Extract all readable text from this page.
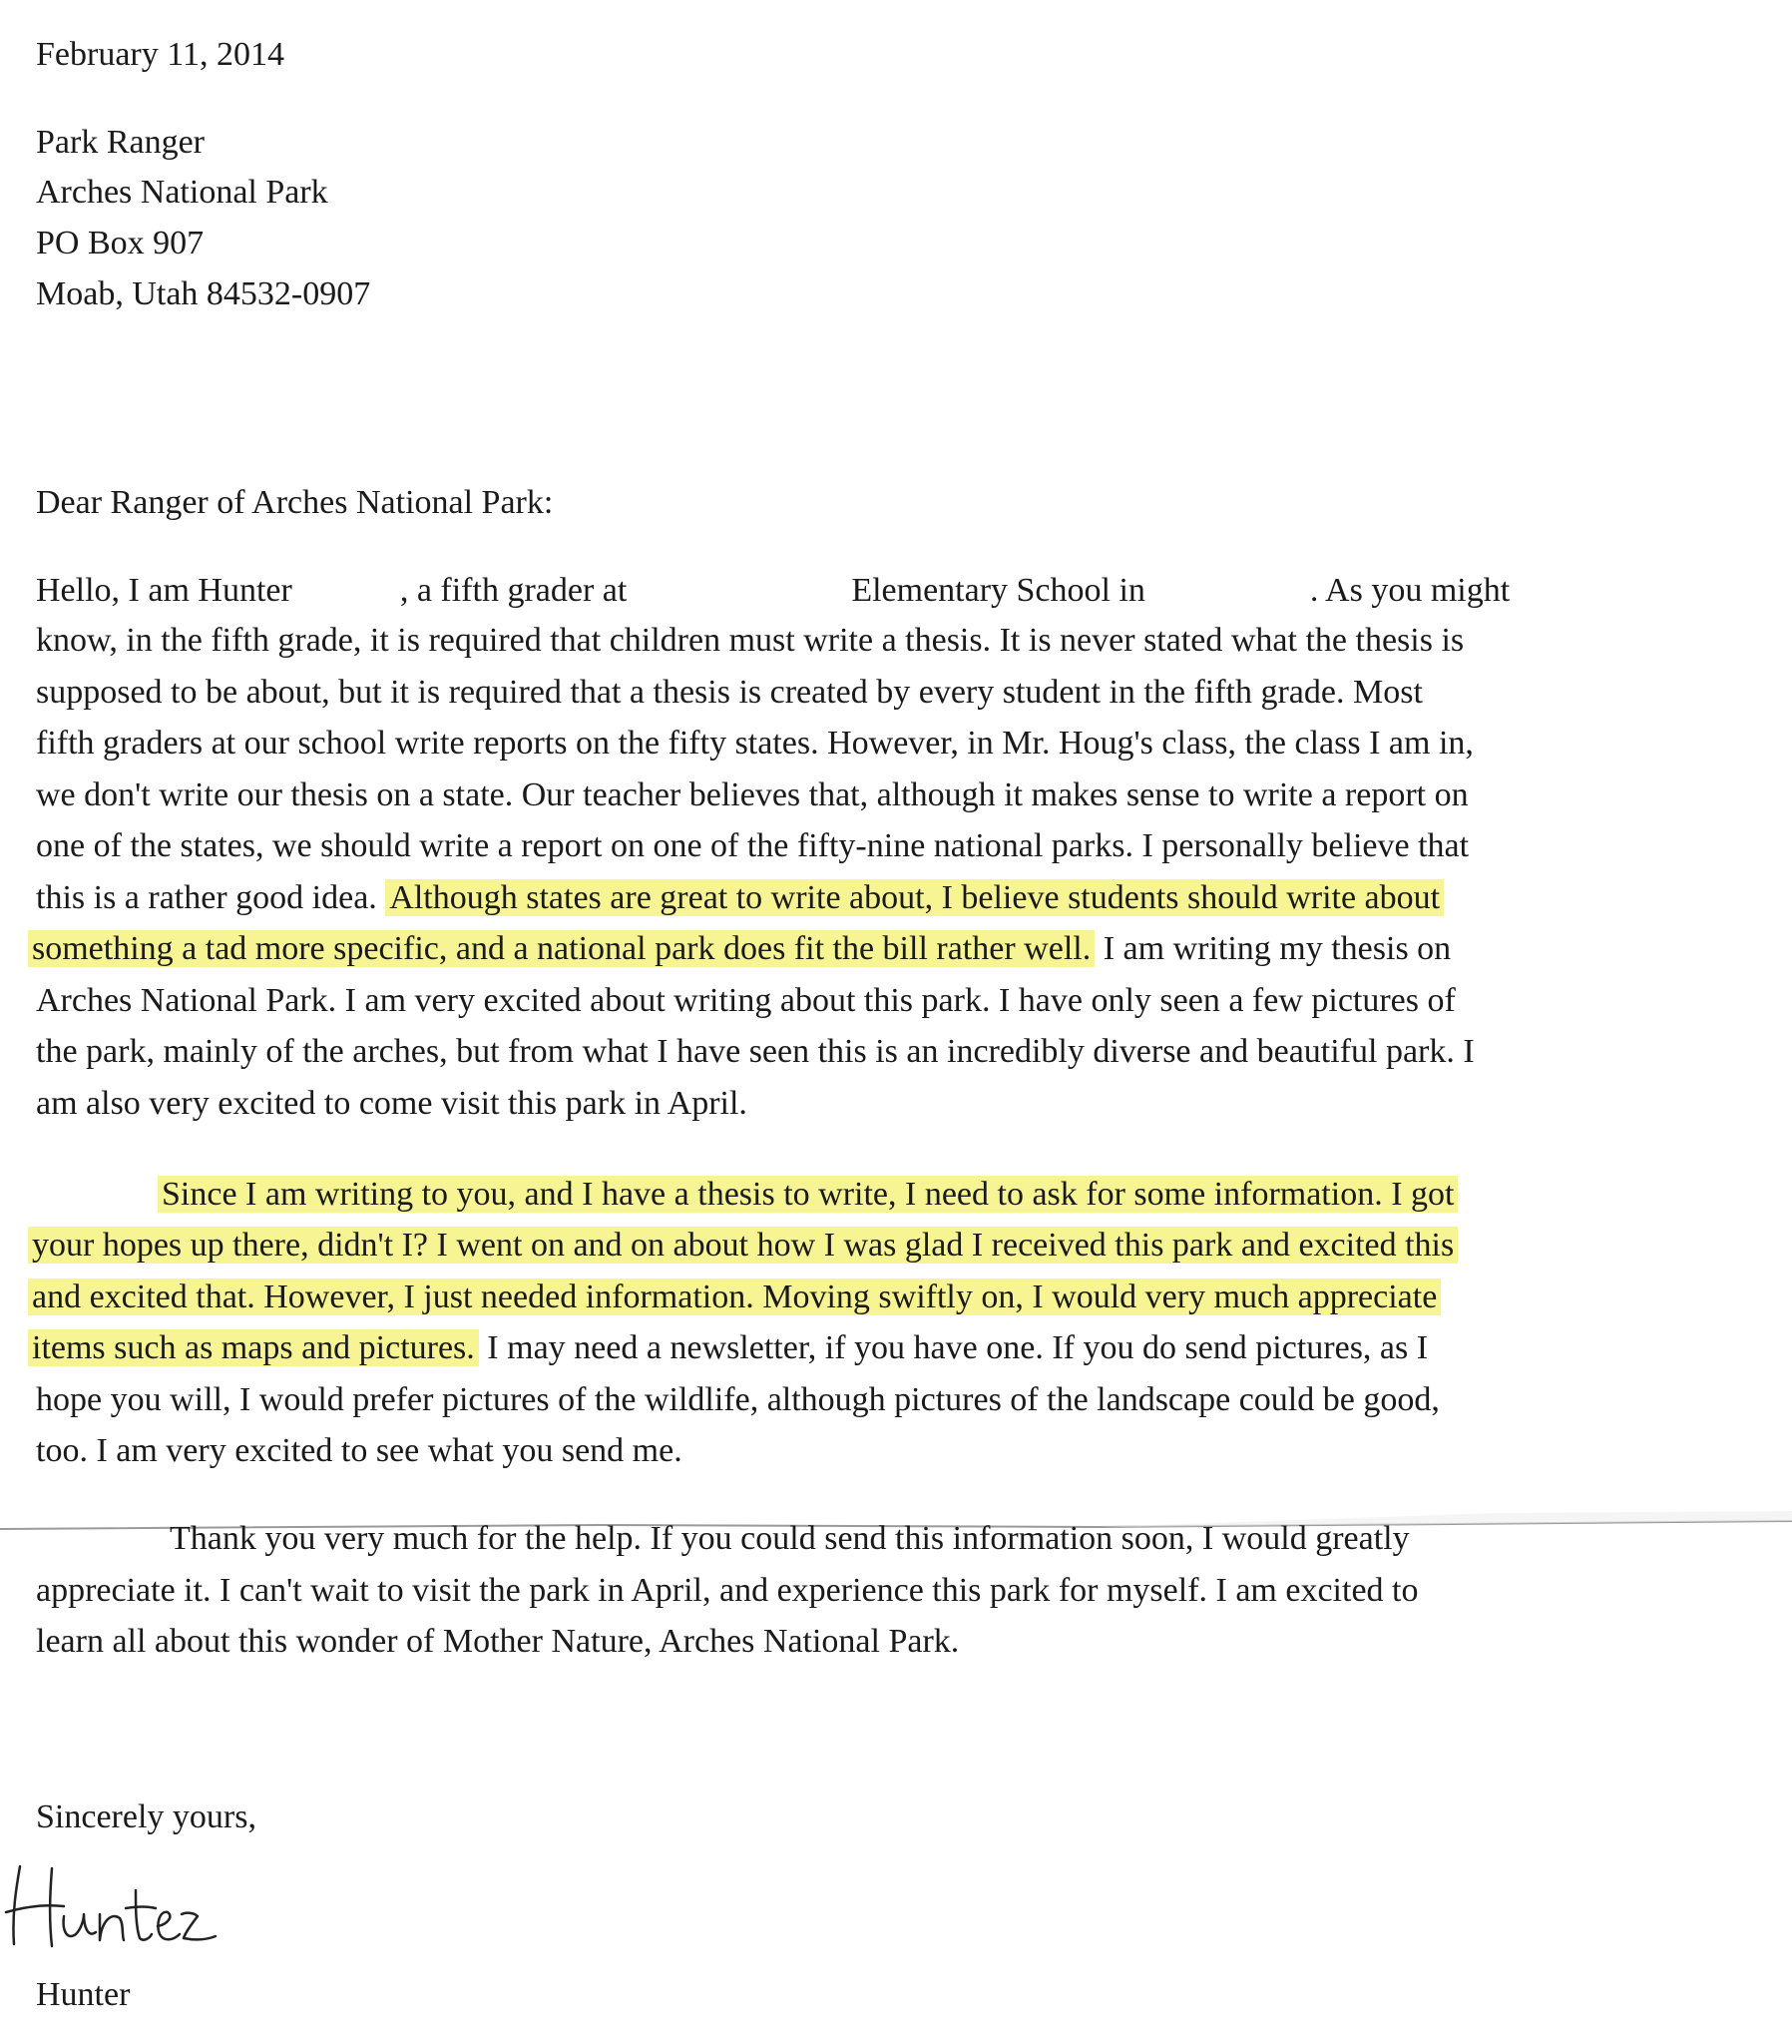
February 11, 2014
Park Ranger
Arches National Park
PO Box 907
Moab, Utah 84532-0907
Dear Ranger of Arches National Park:
Hello, I am Hunter	, a fifth grader at	Elementary School in	. As you might
know, in the fifth grade, it is required that children must write a thesis. It is never stated what the thesis is
supposed to be about, but it is required that a thesis is created by every student in the fifth grade. Most
fifth graders at our school write reports on the fifty states. However, in Mr. Houg's class, the class I am in,
we don't write our thesis on a state. Our teacher believes that, although it makes sense to write a report on
one of the states, we should write a report on one of the fifty-nine national parks. I personally believe that
this is a rather good idea. Although states are great to write about, I believe students should write about
something a tad more specific, and a national park does fit the bill rather well. I am writing my thesis on
Arches National Park. I am very excited about writing about this park. I have only seen a few pictures of
the park, mainly of the arches, but from what I have seen this is an incredibly diverse and beautiful park. I
am also very excited to come visit this park in April.
Since I am writing to you, and I have a thesis to write, I need to ask for some information. I got
your hopes up there, didn't I? I went on and on about how I was glad I received this park and excited this
and excited that. However, I just needed information. Moving swiftly on, I would very much appreciate
items such as maps and pictures. I may need a newsletter, if you have one. If you do send pictures, as I
hope you will, I would prefer pictures of the wildlife, although pictures of the landscape could be good,
too. I am very excited to see what you send me.
Thank you very much for the help. If you could send this information soon, I would greatly
appreciate it. I can't wait to visit the park in April, and experience this park for myself. I am excited to
learn all about this wonder of Mother Nature, Arches National Park.
Sincerely yours,
Hunter
